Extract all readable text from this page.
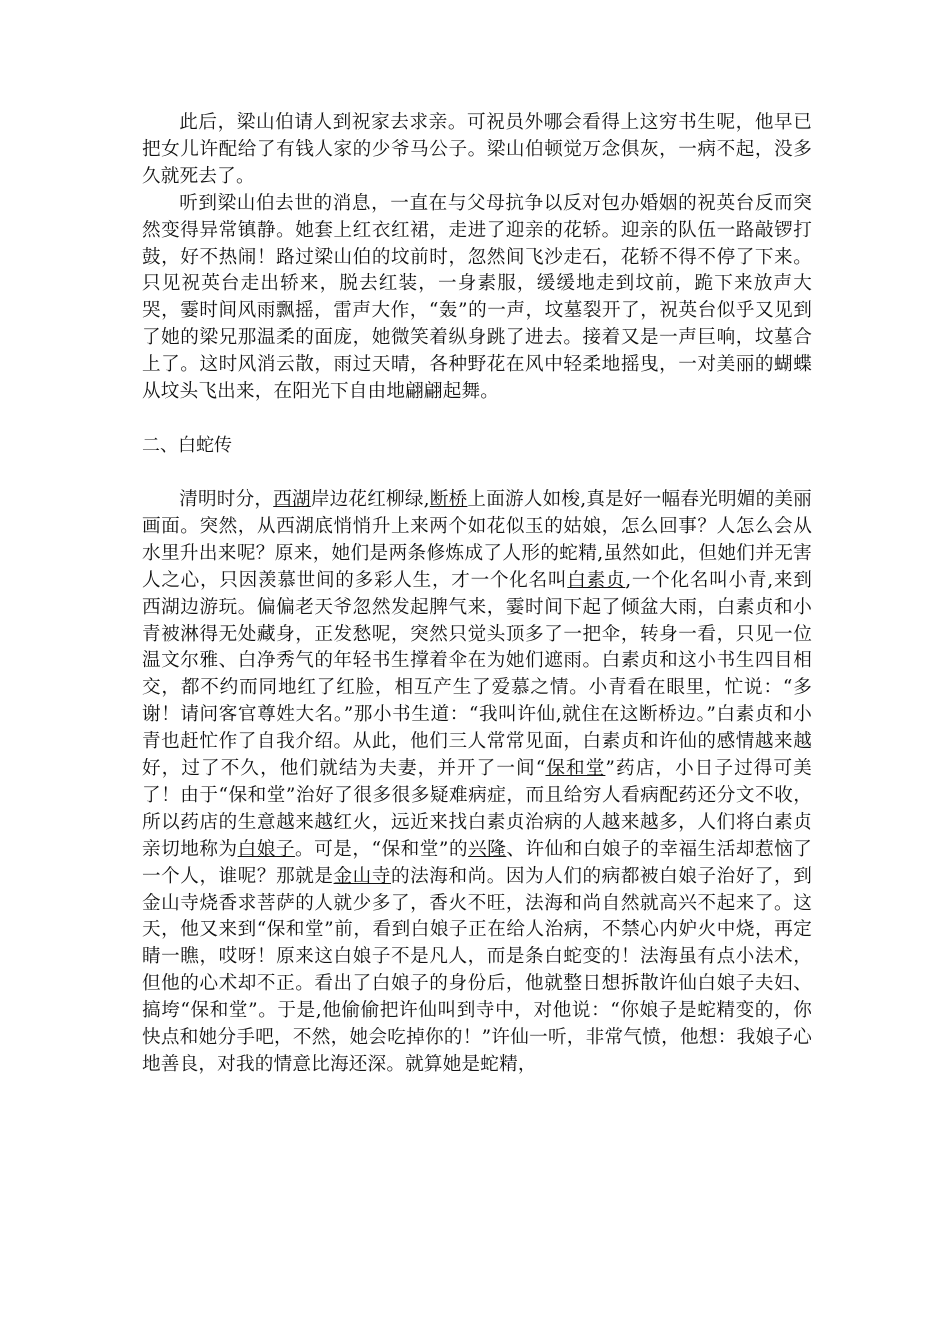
此后，梁山伯请人到祝家去求亲。可祝员外哪会看得上这穷书生呢，他早已把女儿许配给了有钱人家的少爷马公子。梁山伯顿觉万念俱灰，一病不起，没多久就死去了。

听到梁山伯去世的消息，一直在与父母抗争以反对包办婚姻的祝英台反而突然变得异常镇静。她套上红衣红裙，走进了迎亲的花轿。迎亲的队伍一路敲锣打鼓，好不热闹！路过梁山伯的坟前时，忽然间飞沙走石，花轿不得不停了下来。只见祝英台走出轿来，脱去红装，一身素服，缓缓地走到坟前，跪下来放声大哭，霎时间风雨飘摇，雷声大作，“轰”的一声，坟墓裂开了，祝英台似乎又见到了她的梁兄那温柔的面庞，她微笑着纵身跳了进去。接着又是一声巨响，坟墓合上了。这时风消云散，雨过天晴，各种野花在风中轻柔地摇曳，一对美丽的蝴蝶从坟头飞出来，在阳光下自由地翩翩起舞。

二、白蛇传

清明时分，西湖岸边花红柳绿,断桥上面游人如梭,真是好一幅春光明媚的美丽画面。突然，从西湖底悄悄升上来两个如花似玉的姑娘，怎么回事？人怎么会从水里升出来呢？原来，她们是两条修炼成了人形的蛇精,虽然如此，但她们并无害人之心，只因羡慕世间的多彩人生，才一个化名叫白素贞,一个化名叫小青,来到西湖边游玩。偏偏老天爷忽然发起脾气来，霎时间下起了倾盆大雨，白素贞和小青被淋得无处藏身，正发愁呢，突然只觉头顶多了一把伞，转身一看，只见一位温文尔雅、白净秀气的年轻书生撑着伞在为她们遮雨。白素贞和这小书生四目相交，都不约而同地红了红脸，相互产生了爱慕之情。小青看在眼里，忙说：“多谢！请问客官尊姓大名。”那小书生道：“我叫许仙,就住在这断桥边。”白素贞和小青也赶忙作了自我介绍。从此，他们三人常常见面，白素贞和许仙的感情越来越好，过了不久，他们就结为夫妻，并开了一间“保和堂”药店，小日子过得可美了！由于“保和堂”治好了很多很多疑难病症，而且给穷人看病配药还分文不收，所以药店的生意越来越红火，远近来找白素贞治病的人越来越多，人们将白素贞亲切地称为白娘子。可是，“保和堂”的兴隆、许仙和白娘子的幸福生活却惹恼了一个人，谁呢？那就是金山寺的法海和尚。因为人们的病都被白娘子治好了，到金山寺烧香求菩萨的人就少多了，香火不旺，法海和尚自然就高兴不起来了。这天，他又来到“保和堂”前，看到白娘子正在给人治病，不禁心内妒火中烧，再定睛一瞧，哎呀！原来这白娘子不是凡人，而是条白蛇变的！法海虽有点小法术，但他的心术却不正。看出了白娘子的身份后，他就整日想拆散许仙白娘子夫妇、搞垮“保和堂”。于是,他偷偷把许仙叫到寺中，对他说：“你娘子是蛇精变的，你快点和她分手吧，不然，她会吃掉你的！”许仙一听，非常气愤，他想：我娘子心地善良，对我的情意比海还深。就算她是蛇精，
